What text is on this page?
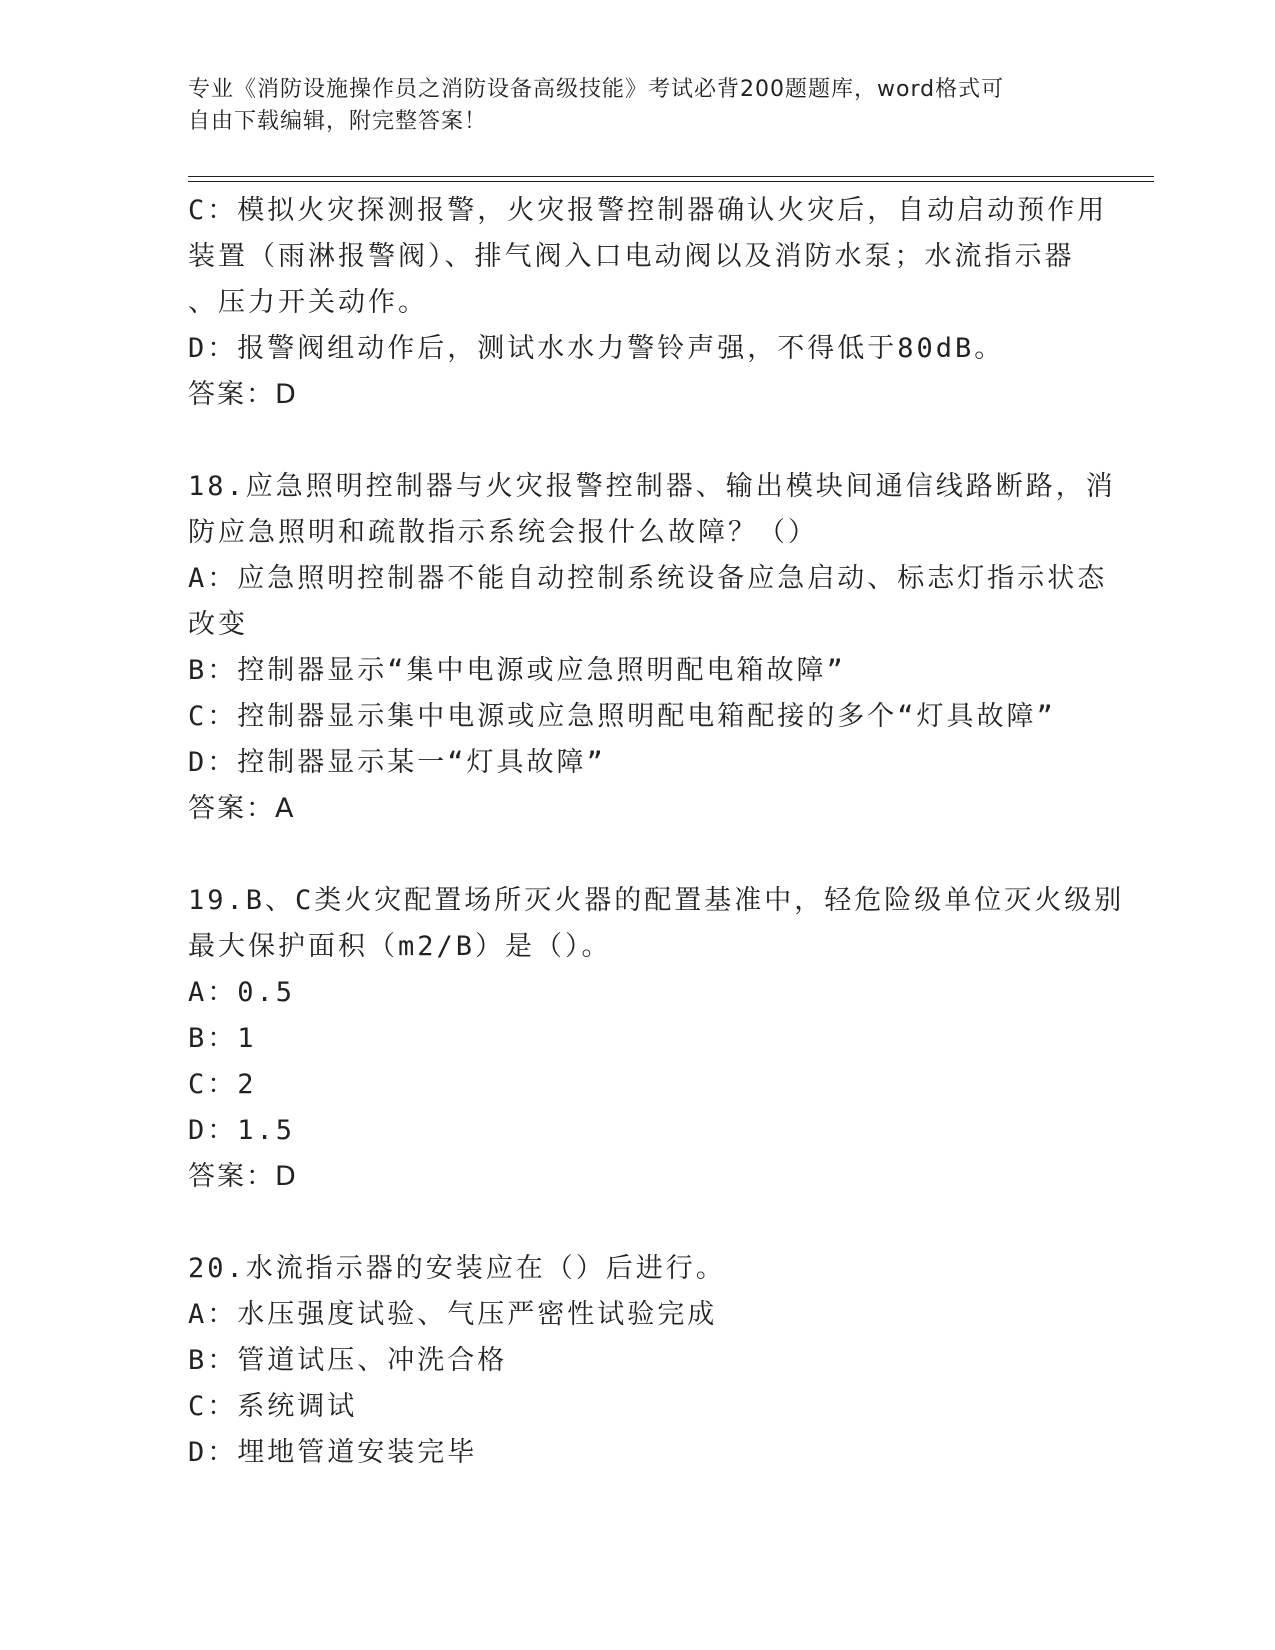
专业《消防设施操作员之消防设备高级技能》考试必背200题题库，word格式可
自由下载编辑，附完整答案！
C：模拟火灾探测报警，火灾报警控制器确认火灾后，自动启动预作用
装置（雨淋报警阀）、排气阀入口电动阀以及消防水泵；水流指示器
、压力开关动作。
D：报警阀组动作后，测试水水力警铃声强，不得低于80dB。
答案：D
18.应急照明控制器与火灾报警控制器、输出模块间通信线路断路，消
防应急照明和疏散指示系统会报什么故障？（）
A：应急照明控制器不能自动控制系统设备应急启动、标志灯指示状态
改变
B：控制器显示“集中电源或应急照明配电箱故障”
C：控制器显示集中电源或应急照明配电箱配接的多个“灯具故障”
D：控制器显示某一“灯具故障”
答案：A
19.B、C类火灾配置场所灭火器的配置基准中，轻危险级单位灭火级别
最大保护面积（m2/B）是（）。
A：0.5
B：1
C：2
D：1.5
答案：D
20.水流指示器的安装应在（）后进行。
A：水压强度试验、气压严密性试验完成
B：管道试压、冲洗合格
C：系统调试
D：埋地管道安装完毕
